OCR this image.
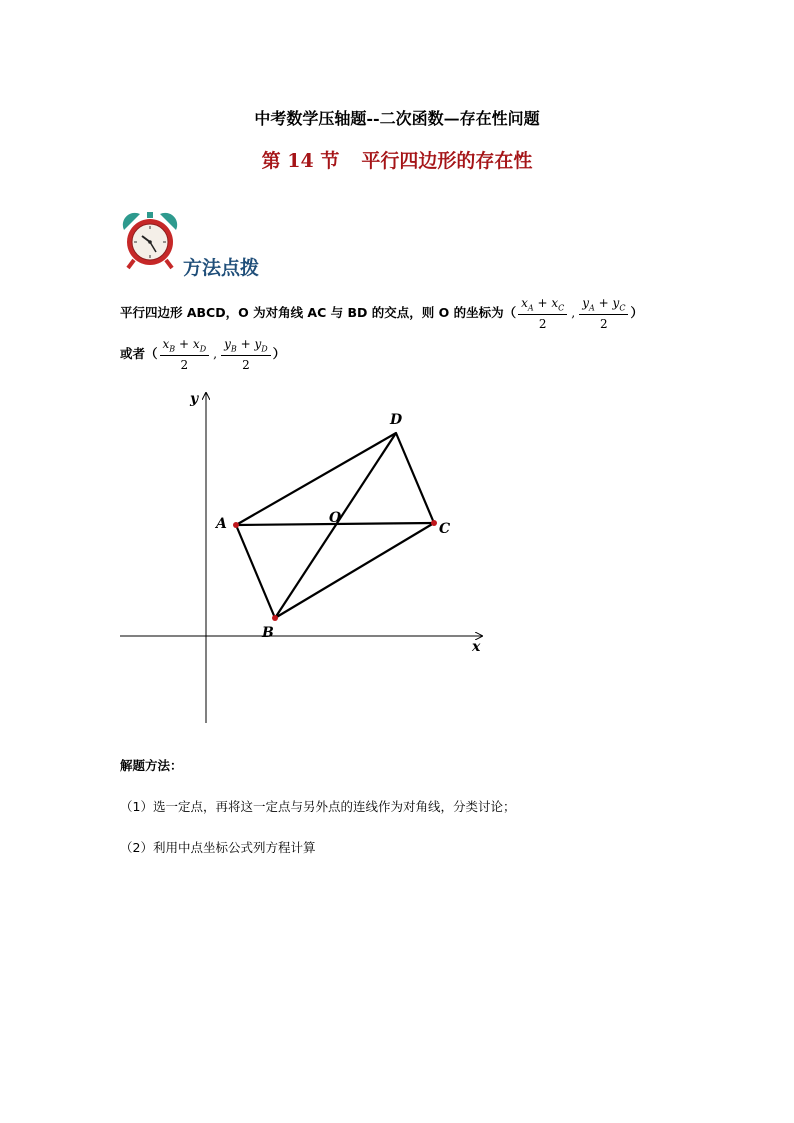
中考数学压轴题--二次函数—存在性问题
第 14 节 平行四边形的存在性
方法点拨
平行四边形 ABCD，O 为对角线 AC 与 BD 的交点，则 O 的坐标为（ $\frac{x_A + x_C}{2}$ , $\frac{y_A + y_C}{2}$ ）
或者（ $\frac{x_B + x_D}{2}$ , $\frac{y_B + y_D}{2}$ ）
x
y
A
B
C
D
O
解题方法：
（1）选一定点，再将这一定点与另外点的连线作为对角线，分类讨论；
（2）利用中点坐标公式列方程计算
